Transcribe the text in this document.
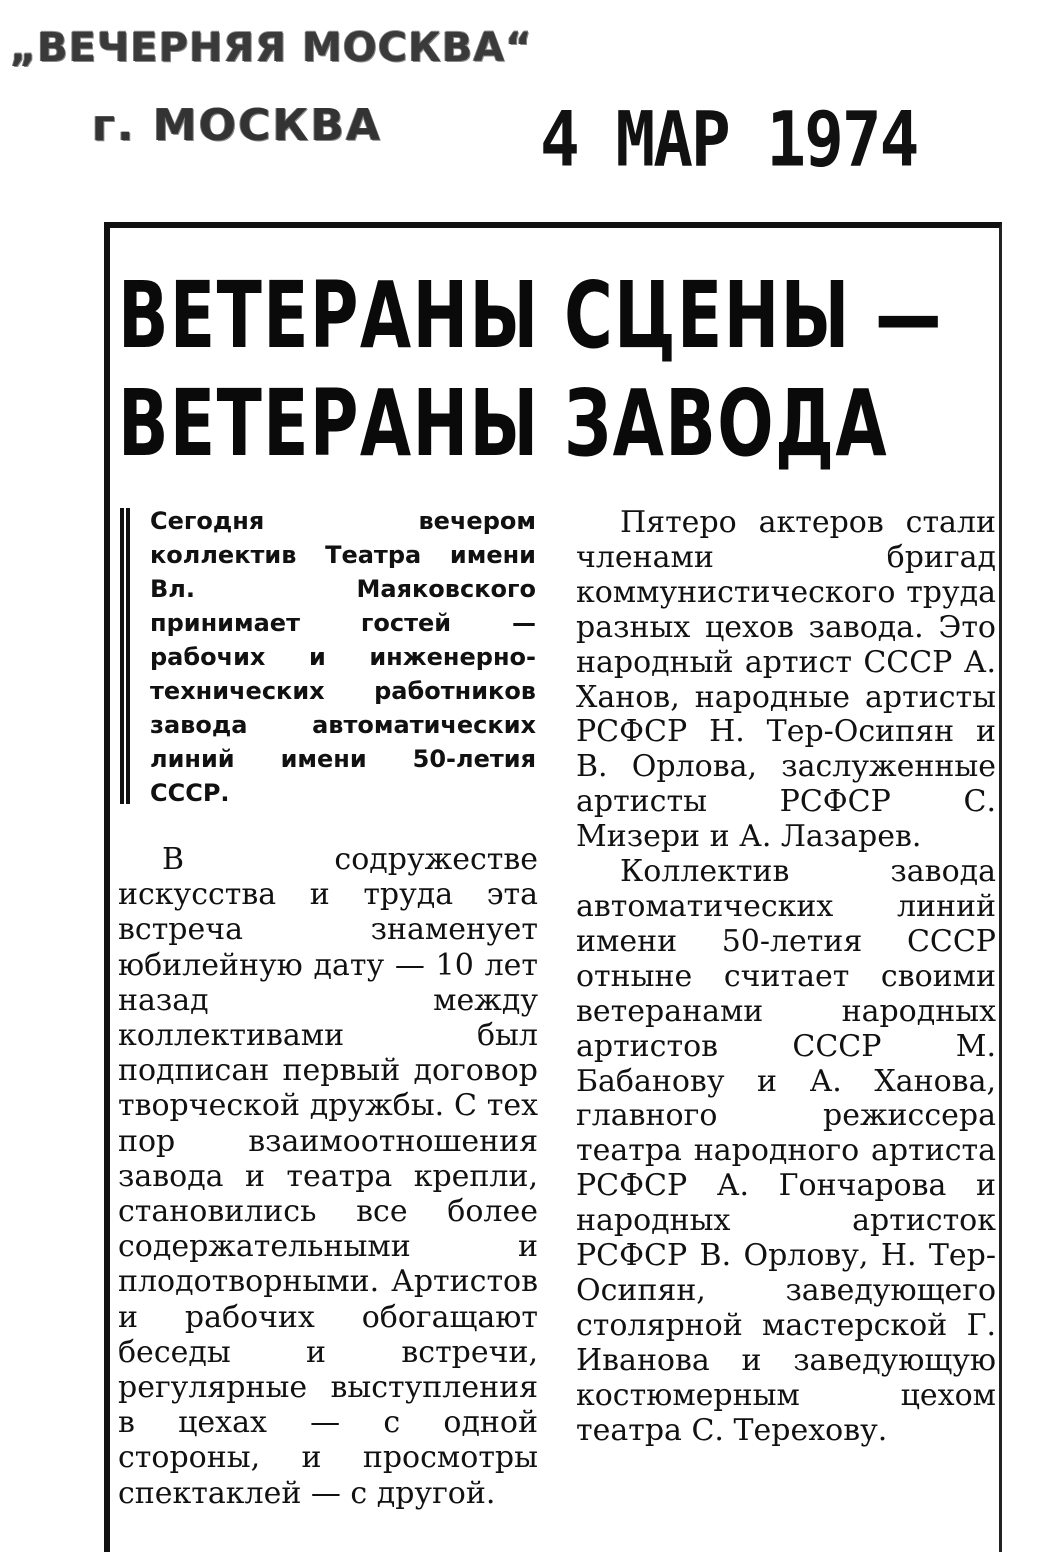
„ВЕЧЕРНЯЯ МОСКВА“
г. МОСКВА 4 МАР 1974
ВЕТЕРАНЫ СЦЕНЫ —
ВЕТЕРАНЫ ЗАВОДА

Сегодня вечером коллектив Театра имени Вл. Маяковского принимает гостей — рабочих и инженерно-технических работников завода автоматических линий имени 50-летия СССР.

В содружестве искусства и труда эта встреча знаменует юбилейную дату — 10 лет назад между коллективами был подписан первый договор творческой дружбы. С тех пор взаимоотношения завода и театра крепли, становились все более содержательными и плодотворными. Артистов и рабочих обогащают беседы и встречи, регулярные выступления в цехах — с одной стороны, и просмотры спектаклей — с другой.

Пятеро актеров стали членами бригад коммунистического труда разных цехов завода. Это народный артист СССР А. Ханов, народные артисты РСФСР Н. Тер-Осипян и В. Орлова, заслуженные артисты РСФСР С. Мизери и А. Лазарев.

Коллектив завода автоматических линий имени 50-летия СССР отныне считает своими ветеранами народных артистов СССР М. Бабанову и А. Ханова, главного режиссера театра народного артиста РСФСР А. Гончарова и народных артисток РСФСР В. Орлову, Н. Тер-Осипян, заведующего столярной мастерской Г. Иванова и заведующую костюмерным цехом театра С. Терехову.
